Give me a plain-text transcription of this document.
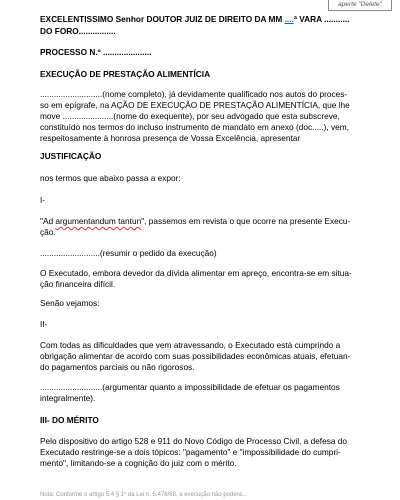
aperte "Delete"
EXCELENTISSIMO Senhor DOUTOR JUIZ DE DIREITO DA MM ....ª VARA ...........
DO FORO................
PROCESSO N.º .....................
EXECUÇÃO DE PRESTAÇÃO ALIMENTÍCIA
...........................(nome completo), já devidamente qualificado nos autos do proces-
so em epígrafe, na AÇÃO DE EXECUÇÃO DE PRESTAÇÃO ALIMENTÍCIA, que lhe
move ......................(nome do exequente), por seu advogado que esta subscreve,
constituído nos termos do incluso instrumento de mandato em anexo (doc.....), vem,
respeitosamente à honrosa presença de Vossa Excelência, apresentar
JUSTIFICAÇÃO
nos termos que abaixo passa a expor:
I-
"Ad argumentandum tantun", passemos em revista o que ocorre na presente Execu-
ção.
..........................(resumir o pedido da execução)
O Executado, embora devedor da dívida alimentar em apreço, encontra-se em situa-
ção financeira difícil.
Senão vejamos:
II-
Com todas as dificuldades que vem atravessando, o Executado está cumprindo a
obrigação alimentar de acordo com suas possibilidades econômicas atuais, efetuan-
do pagamentos parciais ou não rigorosos.
...........................(argumentar quanto a impossibilidade de efetuar os pagamentos
integralmente).
III- DO MÉRITO
Pelo dispositivo do artigo 528 e 911 do Novo Código de Processo Civil, a defesa do
Executado restringe-se a dois tópicos: "pagamento" e "impossibilidade do cumpri-
mento", limitando-se a cognição do juiz com o mérito.
Nota: Conforme o artigo 5.4 § 1º da Lei n. 5.478/68, a execução não poderá...
